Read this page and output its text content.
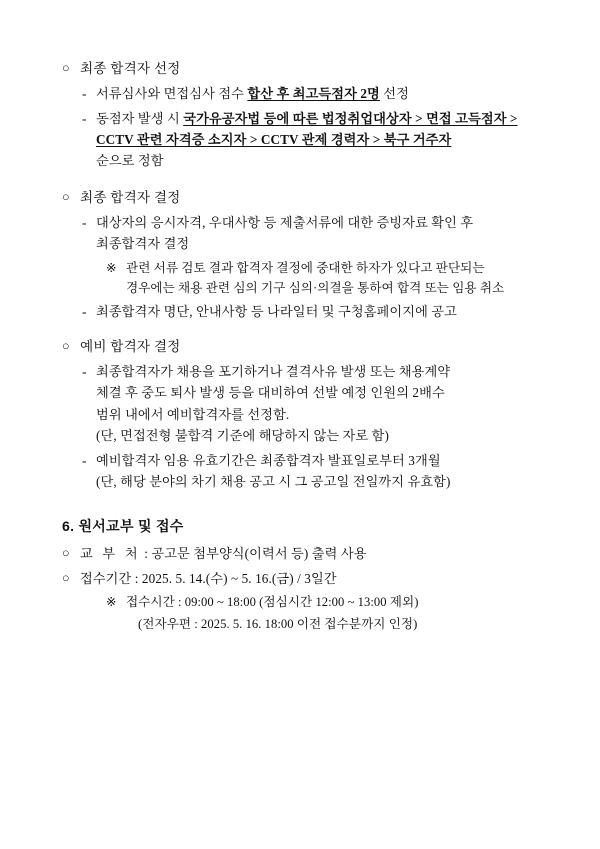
○ 최종 합격자 선정
- 서류심사와 면접심사 점수 합산 후 최고득점자 2명 선정
- 동점자 발생 시 국가유공자법 등에 따른 법정취업대상자 > 면접 고득점자 >
CCTV 관련 자격증 소지자 > CCTV 관제 경력자 > 북구 거주자
순으로 정함
○ 최종 합격자 결정
- 대상자의 응시자격, 우대사항 등 제출서류에 대한 증빙자료 확인 후
최종합격자 결정
※ 관련 서류 검토 결과 합격자 결정에 중대한 하자가 있다고 판단되는
경우에는 채용 관련 심의 기구 심의·의결을 통하여 합격 또는 임용 취소
- 최종합격자 명단, 안내사항 등 나라일터 및 구청홈페이지에 공고
○ 예비 합격자 결정
- 최종합격자가 채용을 포기하거나 결격사유 발생 또는 채용계약
체결 후 중도 퇴사 발생 등을 대비하여 선발 예정 인원의 2배수
범위 내에서 예비합격자를 선정함.
(단, 면접전형 불합격 기준에 해당하지 않는 자로 함)
- 예비합격자 임용 유효기간은 최종합격자 발표일로부터 3개월
(단, 해당 분야의 차기 채용 공고 시 그 공고일 전일까지 유효함)
6. 원서교부 및 접수
○ 교 부 처 : 공고문 첨부양식(이력서 등) 출력 사용
○ 접수기간 : 2025. 5. 14.(수) ~ 5. 16.(금) / 3일간
※ 접수시간 : 09:00 ~ 18:00 (점심시간 12:00 ~ 13:00 제외)
(전자우편 : 2025. 5. 16. 18:00 이전 접수분까지 인정)
